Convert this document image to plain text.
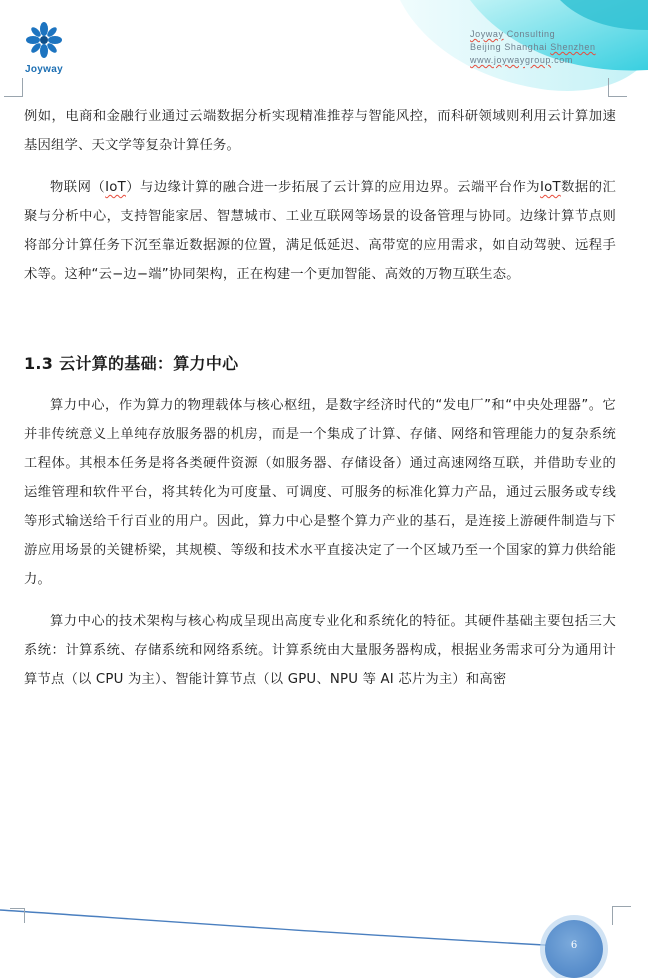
Joyway
Joyway Consulting
Beijing Shanghai Shenzhen
www.joywaygroup.com

例如，电商和金融行业通过云端数据分析实现精准推荐与智能风控，而科研领域则利用云计算加速基因组学、天文学等复杂计算任务。

物联网（IoT）与边缘计算的融合进一步拓展了云计算的应用边界。云端平台作为IoT数据的汇聚与分析中心，支持智能家居、智慧城市、工业互联网等场景的设备管理与协同。边缘计算节点则将部分计算任务下沉至靠近数据源的位置，满足低延迟、高带宽的应用需求，如自动驾驶、远程手术等。这种“云−边−端”协同架构，正在构建一个更加智能、高效的万物互联生态。

1.3 云计算的基础：算力中心

算力中心，作为算力的物理载体与核心枢纽，是数字经济时代的“发电厂”和“中央处理器”。它并非传统意义上单纯存放服务器的机房，而是一个集成了计算、存储、网络和管理能力的复杂系统工程体。其根本任务是将各类硬件资源（如服务器、存储设备）通过高速网络互联，并借助专业的运维管理和软件平台，将其转化为可度量、可调度、可服务的标准化算力产品，通过云服务或专线等形式输送给千行百业的用户。因此，算力中心是整个算力产业的基石，是连接上游硬件制造与下游应用场景的关键桥梁，其规模、等级和技术水平直接决定了一个区域乃至一个国家的算力供给能力。

算力中心的技术架构与核心构成呈现出高度专业化和系统化的特征。其硬件基础主要包括三大系统：计算系统、存储系统和网络系统。计算系统由大量服务器构成，根据业务需求可分为通用计算节点（以 CPU 为主）、智能计算节点（以 GPU、NPU 等 AI 芯片为主）和高密

6
